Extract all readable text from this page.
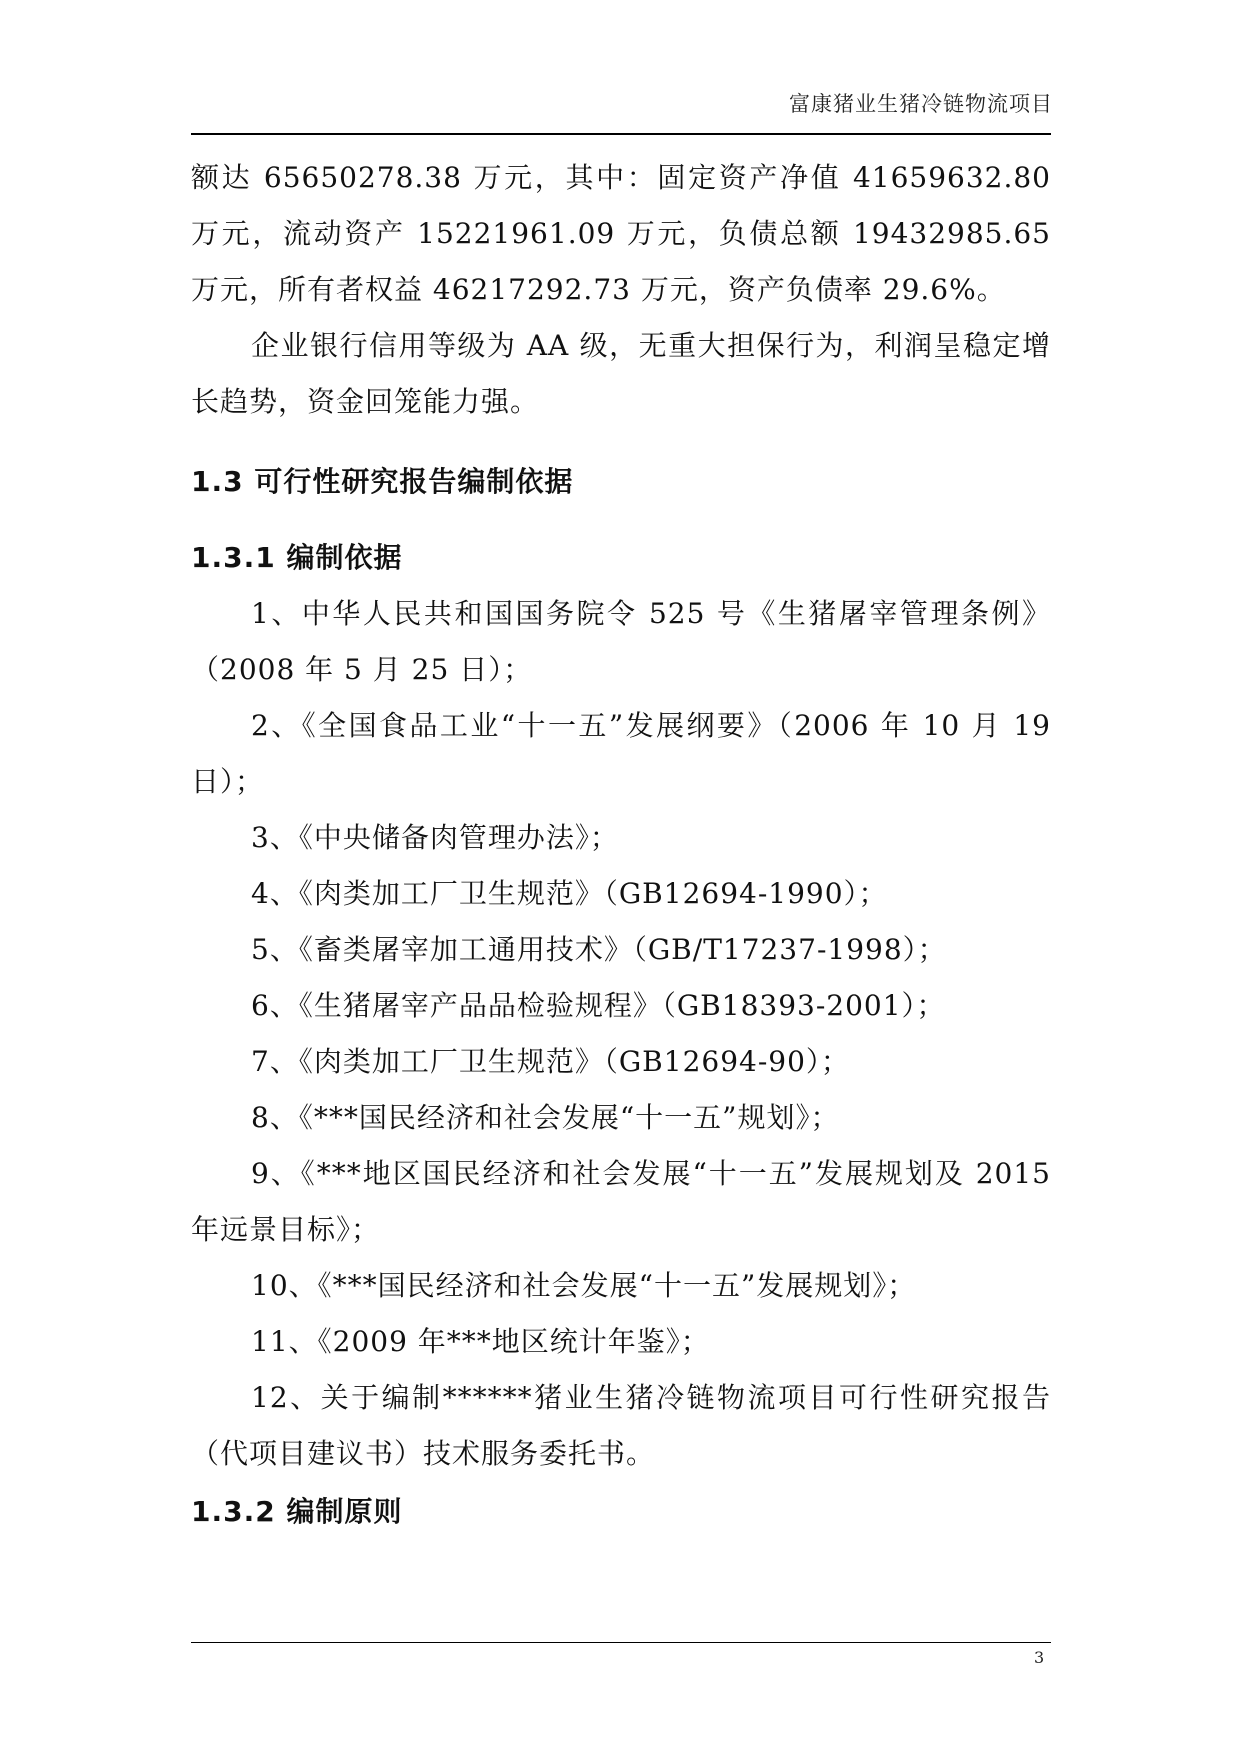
富康猪业生猪冷链物流项目

额达 65650278.38 万元，其中：固定资产净值 41659632.80 万元，流动资产 15221961.09 万元，负债总额 19432985.65 万元，所有者权益 46217292.73 万元，资产负债率 29.6%。

企业银行信用等级为 AA 级，无重大担保行为，利润呈稳定增长趋势，资金回笼能力强。

1.3 可行性研究报告编制依据

1.3.1 编制依据

1、中华人民共和国国务院令 525 号《生猪屠宰管理条例》（2008 年 5 月 25 日）；

2、《全国食品工业“十一五”发展纲要》（2006 年 10 月 19 日）；

3、《中央储备肉管理办法》；

4、《肉类加工厂卫生规范》（GB12694-1990）；

5、《畜类屠宰加工通用技术》（GB/T17237-1998）；

6、《生猪屠宰产品品检验规程》（GB18393-2001）；

7、《肉类加工厂卫生规范》（GB12694-90）；

8、《***国民经济和社会发展“十一五”规划》；

9、《***地区国民经济和社会发展“十一五”发展规划及 2015 年远景目标》；

10、《***国民经济和社会发展“十一五”发展规划》；

11、《2009 年***地区统计年鉴》；

12、关于编制******猪业生猪冷链物流项目可行性研究报告（代项目建议书）技术服务委托书。

1.3.2 编制原则

3
